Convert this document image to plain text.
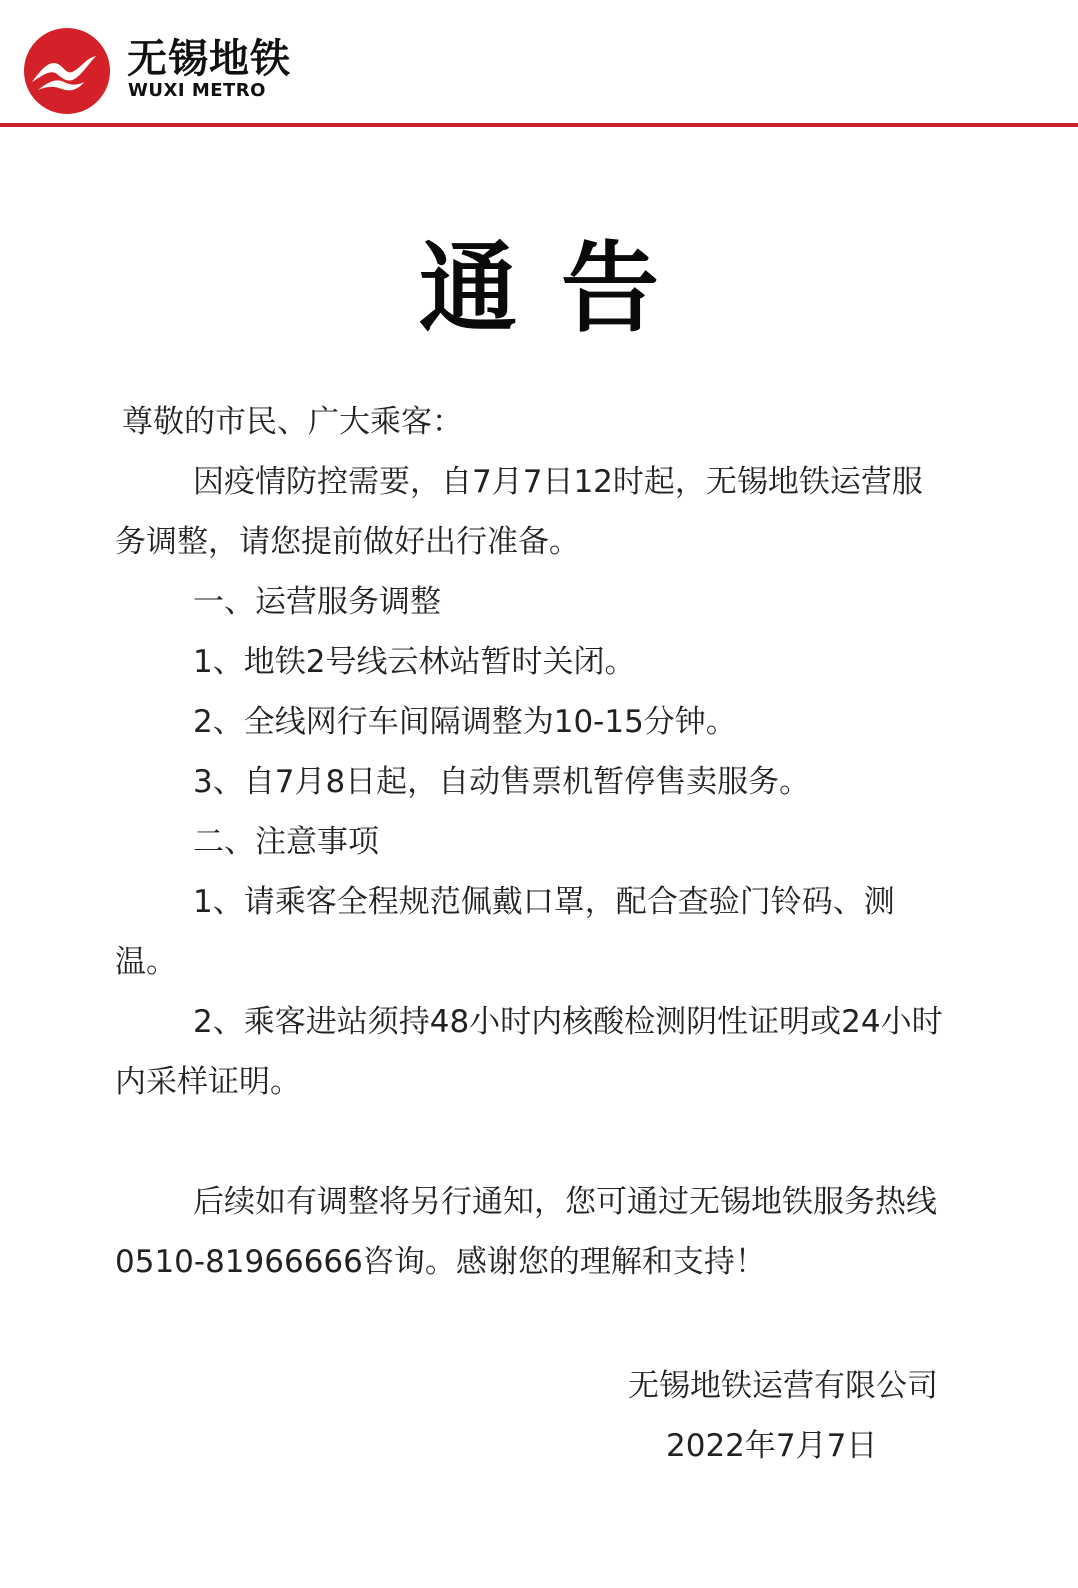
无锡地铁
WUXI METRO
通告

尊敬的市民、广大乘客：

因疫情防控需要，自7月7日12时起，无锡地铁运营服务调整，请您提前做好出行准备。

一、运营服务调整

1、地铁2号线云林站暂时关闭。

2、全线网行车间隔调整为10-15分钟。

3、自7月8日起，自动售票机暂停售卖服务。

二、注意事项

1、请乘客全程规范佩戴口罩，配合查验门铃码、测温。

2、乘客进站须持48小时内核酸检测阴性证明或24小时内采样证明。

后续如有调整将另行通知，您可通过无锡地铁服务热线0510-81966666咨询。感谢您的理解和支持！

无锡地铁运营有限公司
2022年7月7日
